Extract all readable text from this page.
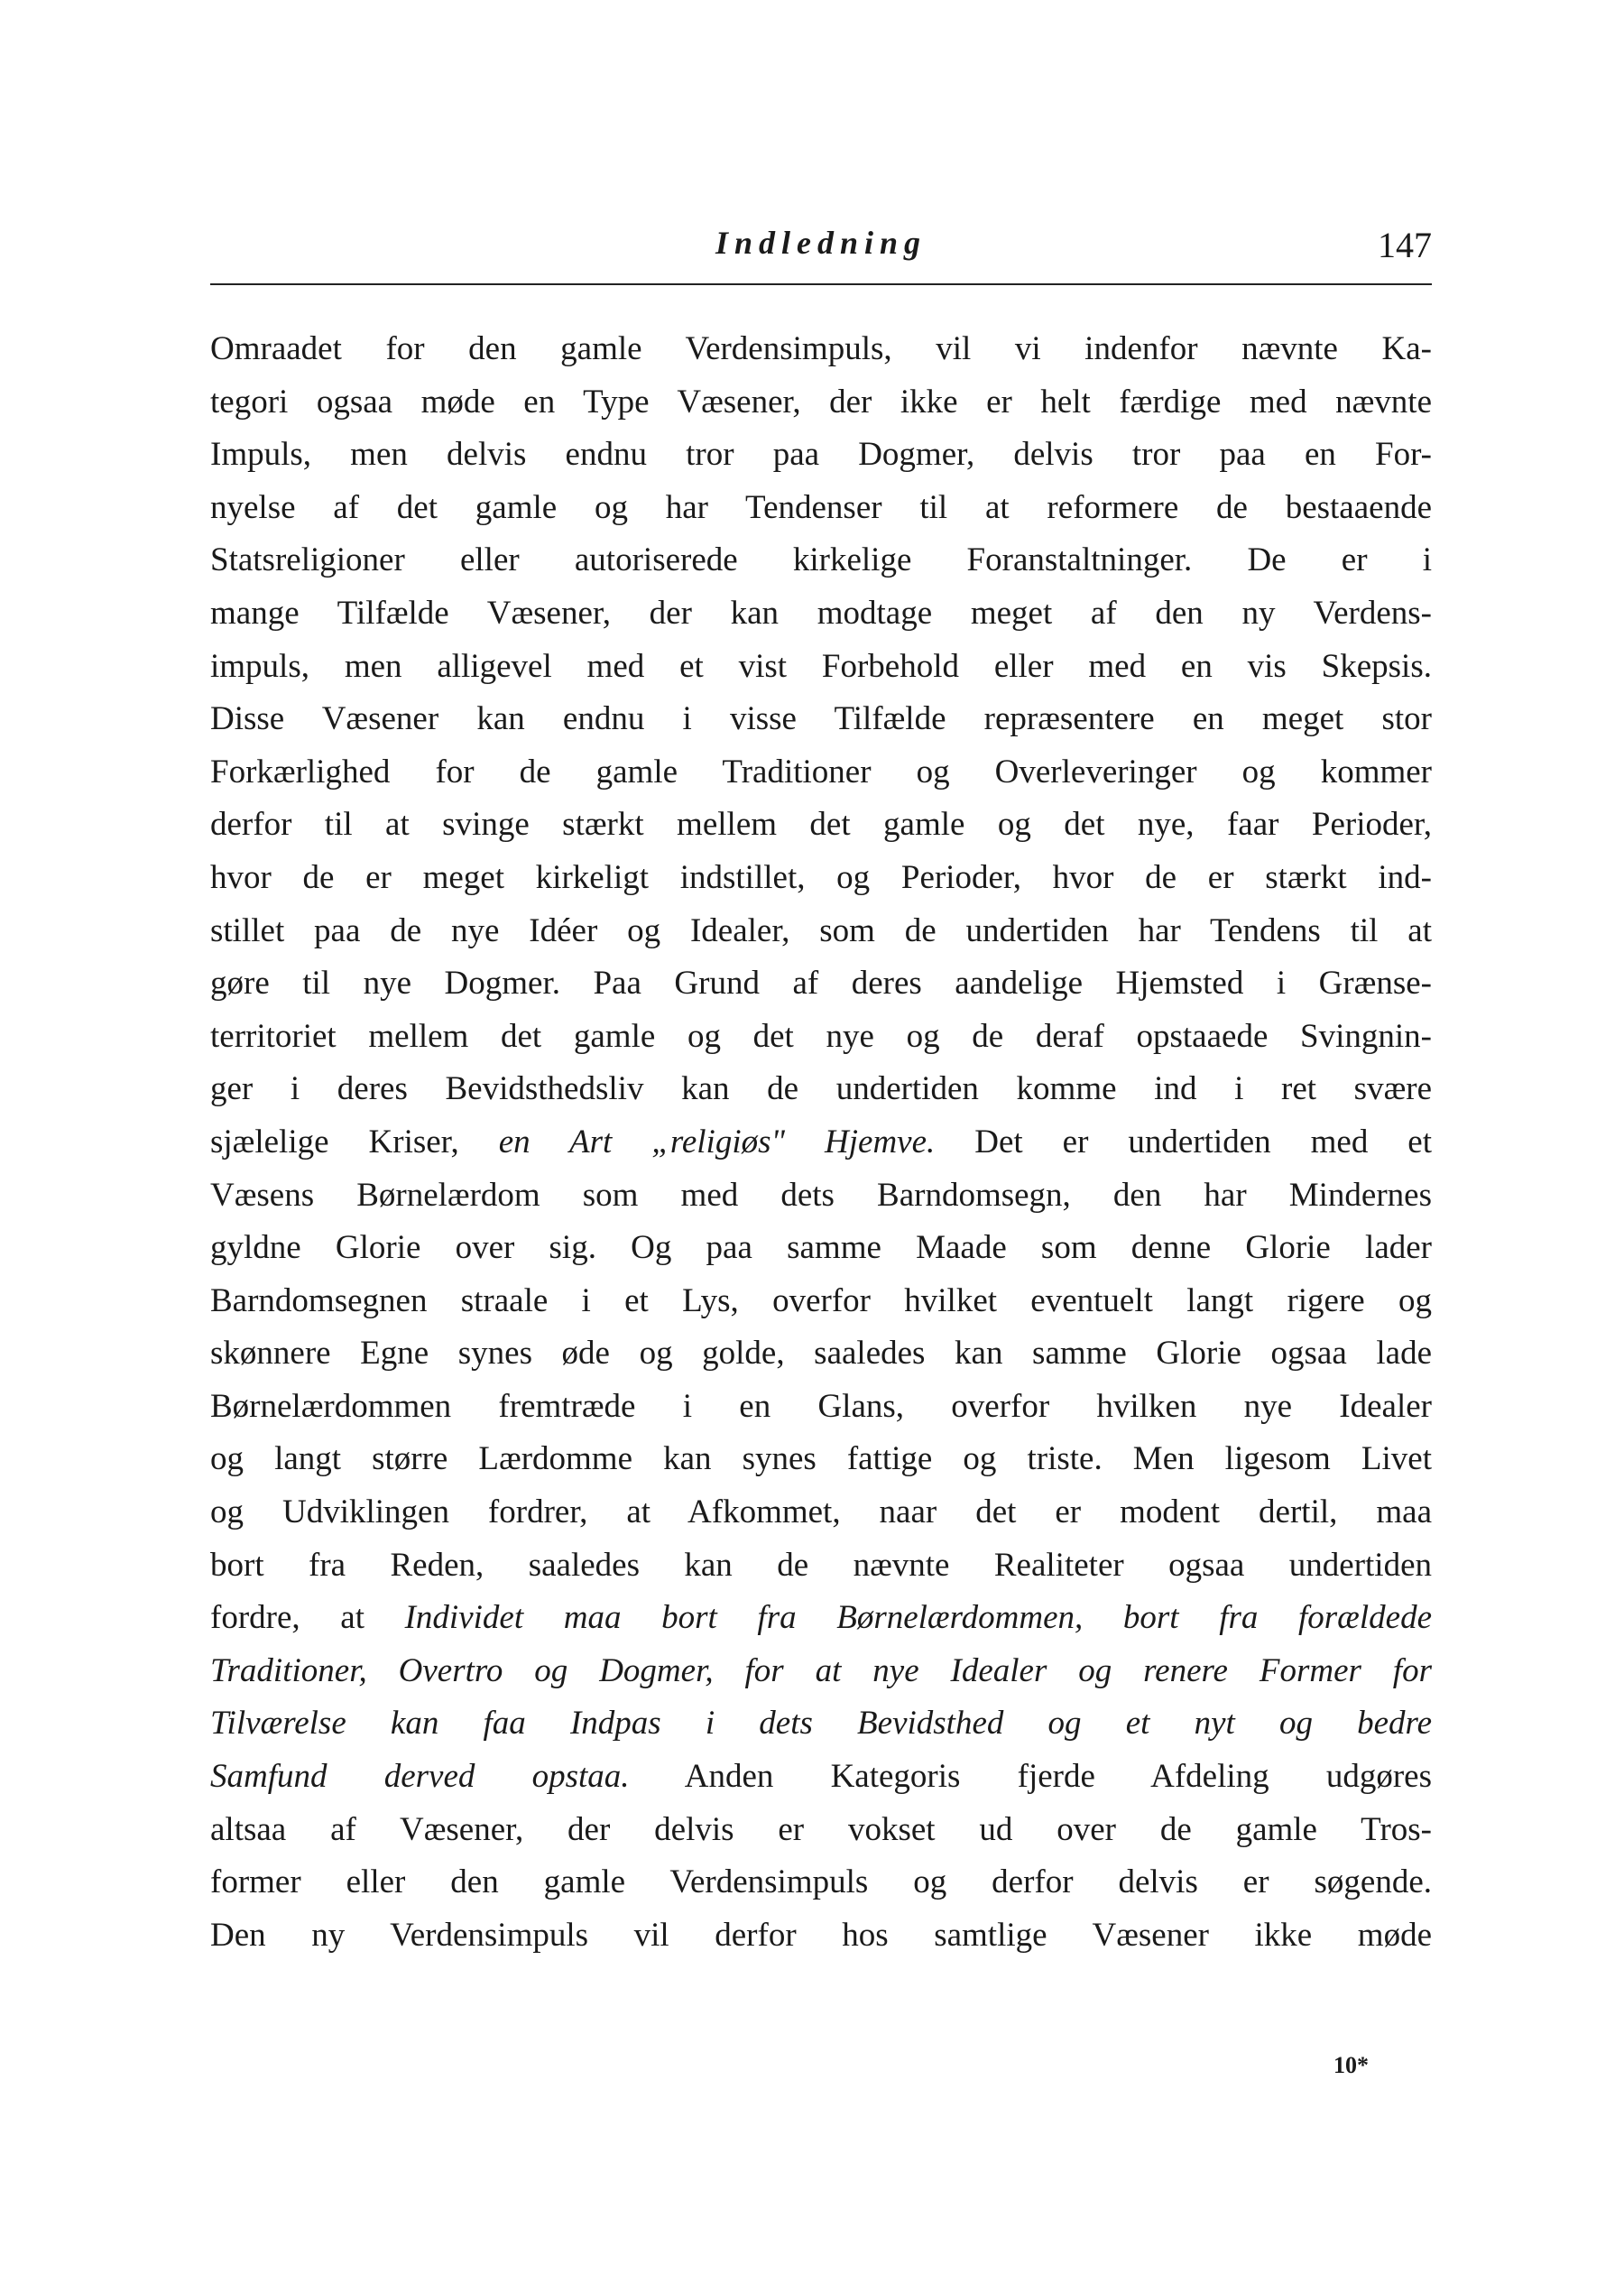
Indledning	147
Omraadet for den gamle Verdensimpuls, vil vi indenfor nævnte Ka-
tegori ogsaa møde en Type Væsener, der ikke er helt færdige med nævnte
Impuls, men delvis endnu tror paa Dogmer, delvis tror paa en For-
nyelse af det gamle og har Tendenser til at reformere de bestaaende
Statsreligioner eller autoriserede kirkelige Foranstaltninger. De er i
mange Tilfælde Væsener, der kan modtage meget af den ny Verdens-
impuls, men alligevel med et vist Forbehold eller med en vis Skepsis.
Disse Væsener kan endnu i visse Tilfælde repræsentere en meget stor
Forkærlighed for de gamle Traditioner og Overleveringer og kommer
derfor til at svinge stærkt mellem det gamle og det nye, faar Perioder,
hvor de er meget kirkeligt indstillet, og Perioder, hvor de er stærkt ind-
stillet paa de nye Idéer og Idealer, som de undertiden har Tendens til at
gøre til nye Dogmer. Paa Grund af deres aandelige Hjemsted i Grænse-
territoriet mellem det gamle og det nye og de deraf opstaaede Svingnin-
ger i deres Bevidsthedsliv kan de undertiden komme ind i ret svære
sjælelige Kriser, en Art „religiøs" Hjemve. Det er undertiden med et
Væsens Børnelærdom som med dets Barndomsegn, den har Mindernes
gyldne Glorie over sig. Og paa samme Maade som denne Glorie lader
Barndomsegnen straale i et Lys, overfor hvilket eventuelt langt rigere og
skønnere Egne synes øde og golde, saaledes kan samme Glorie ogsaa lade
Børnelærdommen fremtræde i en Glans, overfor hvilken nye Idealer
og langt større Lærdomme kan synes fattige og triste. Men ligesom Livet
og Udviklingen fordrer, at Afkommet, naar det er modent dertil, maa
bort fra Reden, saaledes kan de nævnte Realiteter ogsaa undertiden
fordre, at Individet maa bort fra Børnelærdommen, bort fra forældede
Traditioner, Overtro og Dogmer, for at nye Idealer og renere Former for
Tilværelse kan faa Indpas i dets Bevidsthed og et nyt og bedre
Samfund derved opstaa. Anden Kategoris fjerde Afdeling udgøres
altsaa af Væsener, der delvis er vokset ud over de gamle Tros-
former eller den gamle Verdensimpuls og derfor delvis er søgende.
Den ny Verdensimpuls vil derfor hos samtlige Væsener ikke møde
10*
